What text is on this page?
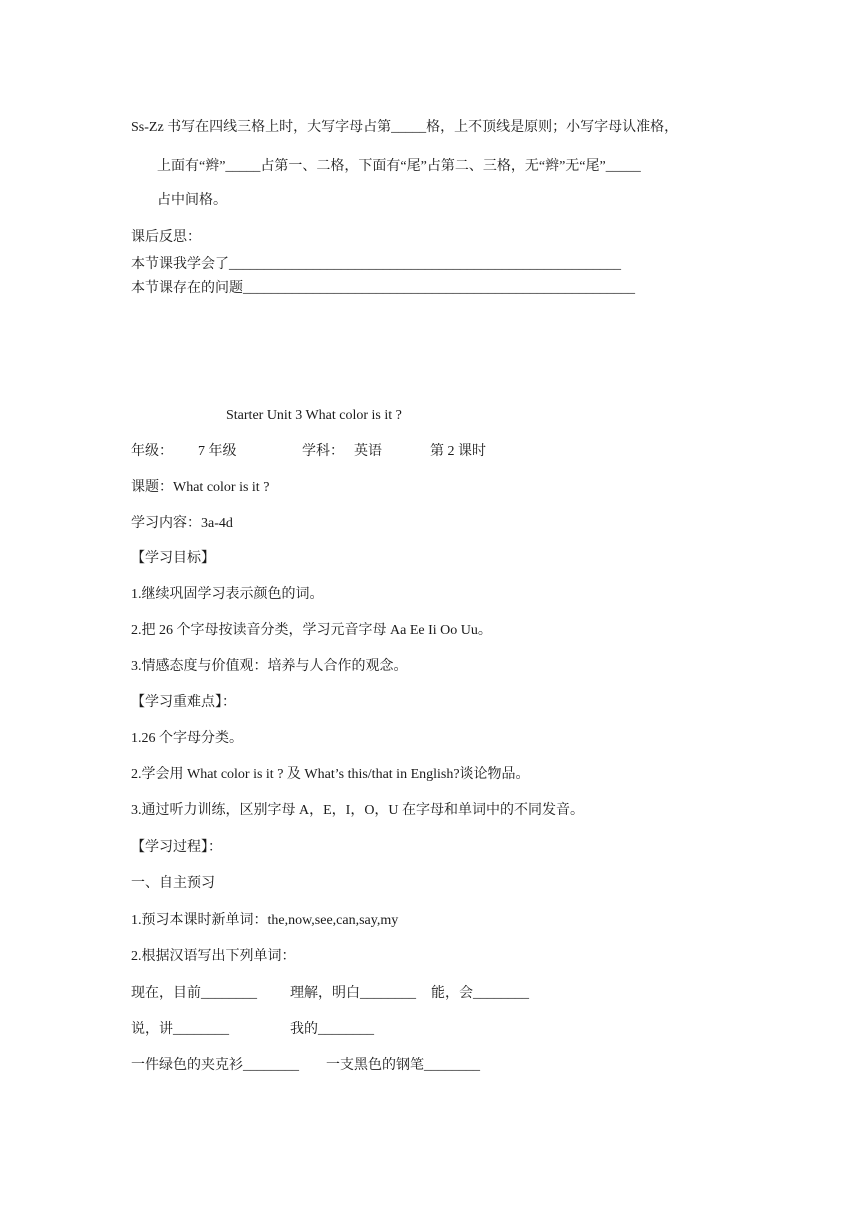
Ss-Zz 书写在四线三格上时，大写字母占第_____格，上不顶线是原则；小写字母认准格，
上面有“辫”_____占第一、二格，下面有“尾”占第二、三格，无“辫”无“尾”_____
占中间格。
课后反思：
本节课我学会了________________________________________________________
本节课存在的问题________________________________________________________
Starter Unit 3 What color is it ?
年级： 7 年级	学科： 英语	第 2 课时
课题：What color is it ?
学习内容：3a-4d
【学习目标】
1.继续巩固学习表示颜色的词。
2.把 26 个字母按读音分类，学习元音字母 Aa Ee Ii Oo Uu。
3.情感态度与价值观：培养与人合作的观念。
【学习重难点】：
1.26 个字母分类。
2.学会用 What color is it ? 及 What’s this/that in English?谈论物品。
3.通过听力训练，区别字母 A，E，I，O，U 在字母和单词中的不同发音。
【学习过程】：
一、自主预习
1.预习本课时新单词：the,now,see,can,say,my
2.根据汉语写出下列单词：
现在，目前________ 理解，明白________ 能，会________
说，讲________	我的________
一件绿色的夹克衫________ 一支黑色的钢笔________
